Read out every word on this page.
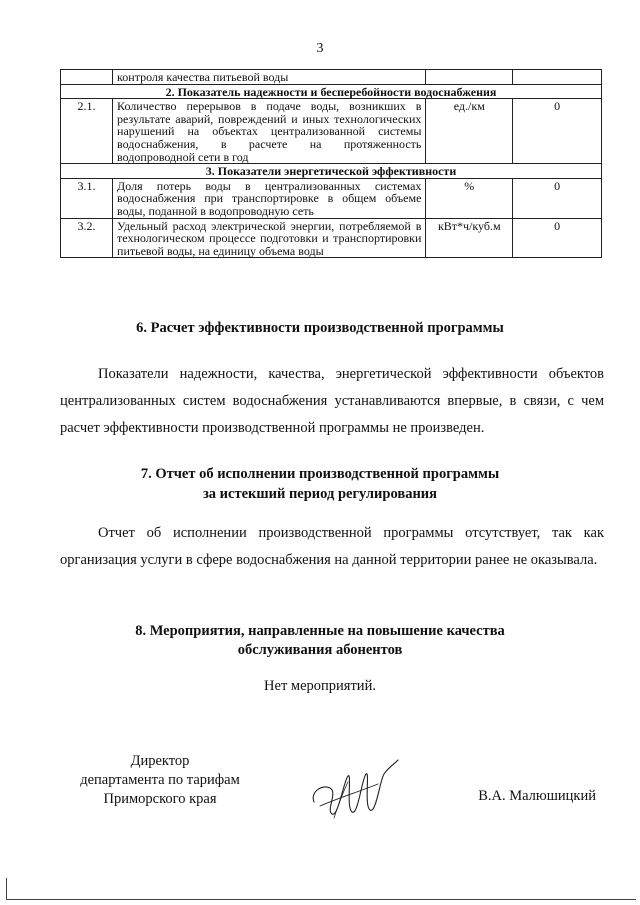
3
	контроля качества питьевой воды		
2. Показатель надежности и бесперебойности водоснабжения			
2.1.	Количество перерывов в подаче воды, возникших в результате аварий, повреждений и иных технологических нарушений на объектах централизованной системы водоснабжения, в расчете на протяженность водопроводной сети в год	ед./км	0
3. Показатели энергетической эффективности			
3.1.	Доля потерь воды в централизованных системах водоснабжения при транспортировке в общем объеме воды, поданной в водопроводную сеть	%	0
3.2.	Удельный расход электрической энергии, потребляемой в технологическом процессе подготовки и транспортировки питьевой воды, на единицу объема воды	кВт*ч/куб.м	0
6. Расчет эффективности производственной программы
Показатели надежности, качества, энергетической эффективности объектов централизованных систем водоснабжения устанавливаются впервые, в связи, с чем расчет эффективности производственной программы не произведен.
7. Отчет об исполнении производственной программы
за истекший период регулирования
Отчет об исполнении производственной программы отсутствует, так как организация услуги в сфере водоснабжения на данной территории ранее не оказывала.
8. Мероприятия, направленные на повышение качества
обслуживания абонентов
Нет мероприятий.
Директор
департамента по тарифам
Приморского края	В.А. Малюшицкий
